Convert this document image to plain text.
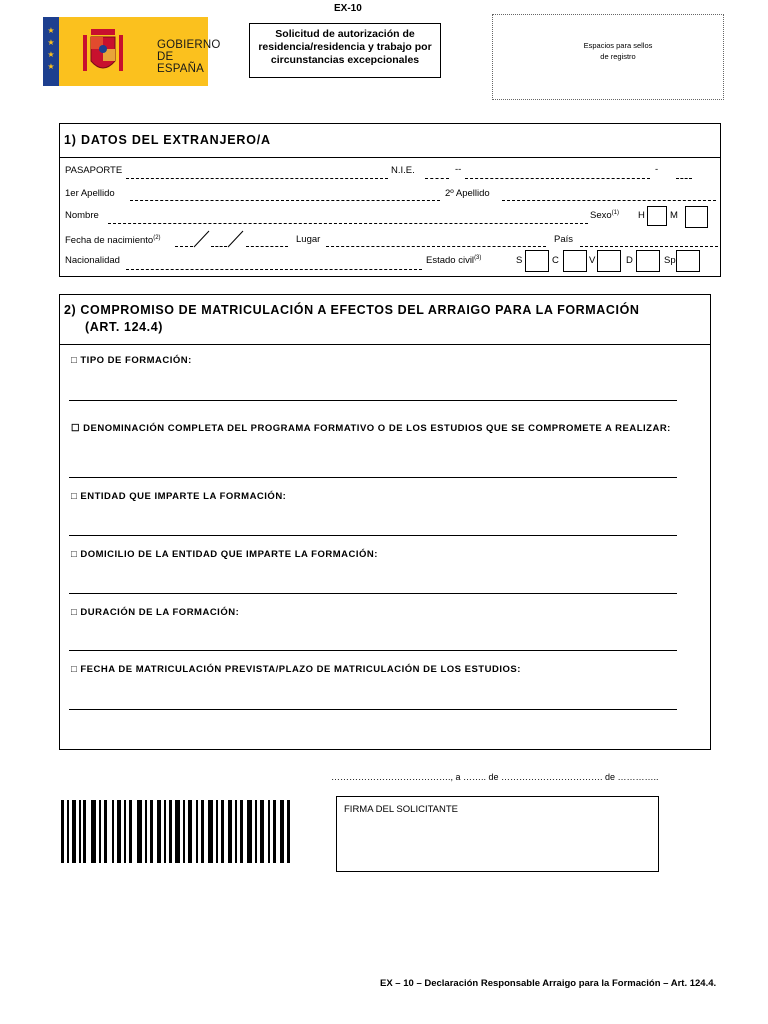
★
★
★
★
GOBIERNO
DE ESPAÑA
EX-10
Solicitud de autorización de
residencia/residencia y trabajo por
circunstancias excepcionales
Espacios para sellos
de registro
1) DATOS DEL EXTRANJERO/A
PASAPORTE	N.I.E.	--	-
1er Apellido	2º Apellido
Nombre	Sexo$^{(1)}$ H	M
Fecha de nacimiento$^{(2)}$	Lugar	País
Nacionalidad	Estado civil$^{(3)}$	S	C	V	D	Sp
2) COMPROMISO DE MATRICULACIÓN A EFECTOS DEL ARRAIGO PARA LA FORMACIÓN
(ART. 124.4)
□ TIPO DE FORMACIÓN:
☐ DENOMINACIÓN COMPLETA DEL PROGRAMA FORMATIVO O DE LOS ESTUDIOS QUE SE COMPROMETE A REALIZAR:
□ ENTIDAD QUE IMPARTE LA FORMACIÓN:
□ DOMICILIO DE LA ENTIDAD QUE IMPARTE LA FORMACIÓN:
□ DURACIÓN DE LA FORMACIÓN:
□ FECHA DE MATRICULACIÓN PREVISTA/PLAZO DE MATRICULACIÓN DE LOS ESTUDIOS:
…………………………………., a …….. de ……………………………. de …………..
FIRMA DEL SOLICITANTE
EX – 10 – Declaración Responsable Arraigo para la Formación – Art. 124.4.
